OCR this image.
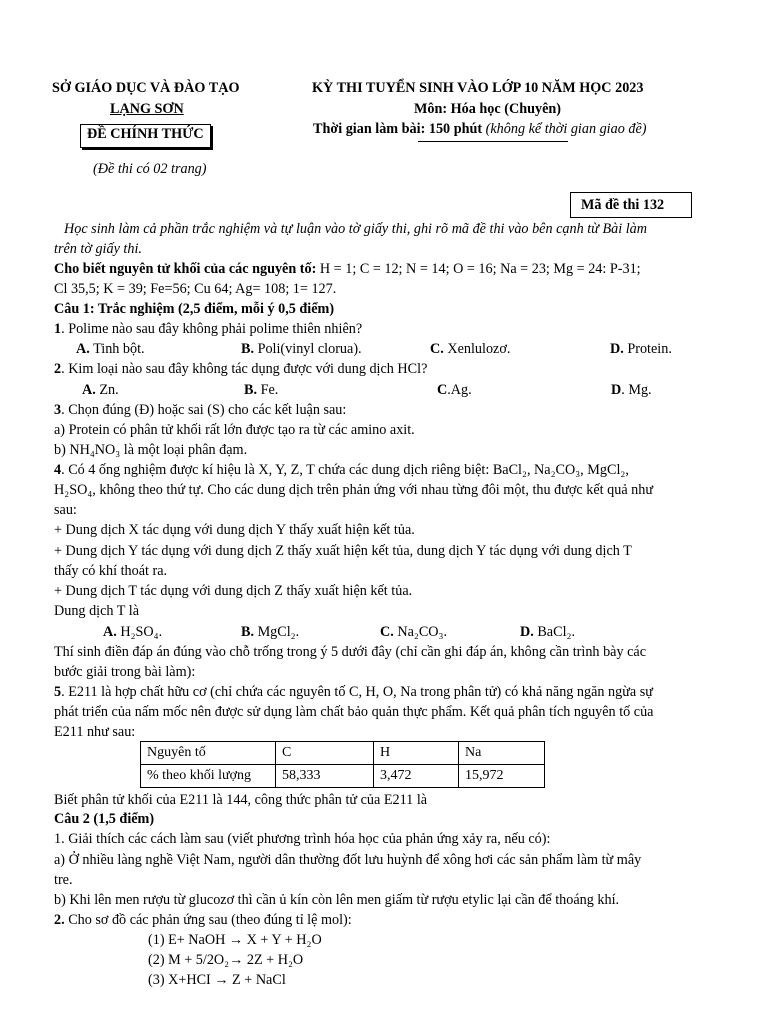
SỞ GIÁO DỤC VÀ ĐÀO TẠO
LẠNG SƠN
ĐỀ CHÍNH THỨC
(Đề thi có 02 trang)
KỲ THI TUYỂN SINH VÀO LỚP 10 NĂM HỌC 2023
Môn: Hóa học (Chuyên)
Thời gian làm bài: 150 phút (không kể thời gian giao đề)
Mã đề thi 132
Học sinh làm cả phần trắc nghiệm và tự luận vào tờ giấy thi, ghi rõ mã đề thi vào bên cạnh từ Bài làm
trên tờ giấy thi.
Cho biết nguyên tử khối của các nguyên tố: H = 1; C = 12; N = 14; O = 16; Na = 23; Mg = 24: P-31;
Cl 35,5; K = 39; Fe=56; Cu 64; Ag= 108; 1= 127.
Câu 1: Trắc nghiệm (2,5 điểm, mỗi ý 0,5 điểm)
1. Polime nào sau đây không phải polime thiên nhiên?
A. Tinh bột.	B. Poli(vinyl clorua).	C. Xenlulozơ.	D. Protein.
2. Kim loại nào sau đây không tác dụng được với dung dịch HCl?
A. Zn.	B. Fe.	C.Ag.	D. Mg.
3. Chọn đúng (Đ) hoặc sai (S) cho các kết luận sau:
a) Protein có phân tử khối rất lớn được tạo ra từ các amino axit.
b) NH₄NO₃ là một loại phân đạm.
4. Có 4 ống nghiệm được kí hiệu là X, Y, Z, T chứa các dung dịch riêng biệt: BaCl₂, Na₂CO₃, MgCl₂,
H₂SO₄, không theo thứ tự. Cho các dung dịch trên phản ứng với nhau từng đôi một, thu được kết quả như
sau:
+ Dung dịch X tác dụng với dung dịch Y thấy xuất hiện kết tủa.
+ Dung dịch Y tác dụng với dung dịch Z thấy xuất hiện kết tủa, dung dịch Y tác dụng với dung dịch T
thấy có khí thoát ra.
+ Dung dịch T tác dụng với dung dịch Z thấy xuất hiện kết tủa.
Dung dịch T là
A. H₂SO₄.	B. MgCl₂.	C. Na₂CO₃.	D. BaCl₂.
Thí sinh điền đáp án đúng vào chỗ trống trong ý 5 dưới đây (chỉ cần ghi đáp án, không cần trình bày các
bước giải trong bài làm):
5. E211 là hợp chất hữu cơ (chỉ chứa các nguyên tố C, H, O, Na trong phân tử) có khả năng ngăn ngừa sự
phát triển của nấm mốc nên được sử dụng làm chất bảo quản thực phẩm. Kết quả phân tích nguyên tố của
E211 như sau:
Nguyên tố	C	H	Na
% theo khối lượng	58,333	3,472	15,972
Biết phân tử khối của E211 là 144, công thức phân tử của E211 là
Câu 2 (1,5 điểm)
1. Giải thích các cách làm sau (viết phương trình hóa học của phản ứng xảy ra, nếu có):
a) Ở nhiều làng nghề Việt Nam, người dân thường đốt lưu huỳnh để xông hơi các sản phẩm làm từ mây
tre.
b) Khi lên men rượu từ glucozơ thì cần ủ kín còn lên men giấm từ rượu etylic lại cần để thoáng khí.
2. Cho sơ đồ các phản ứng sau (theo đúng tỉ lệ mol):
(1) E+ NaOH → X + Y + H₂O
(2) M + 5/2O₂→ 2Z + H₂O
(3) X+HCI → Z + NaCl
